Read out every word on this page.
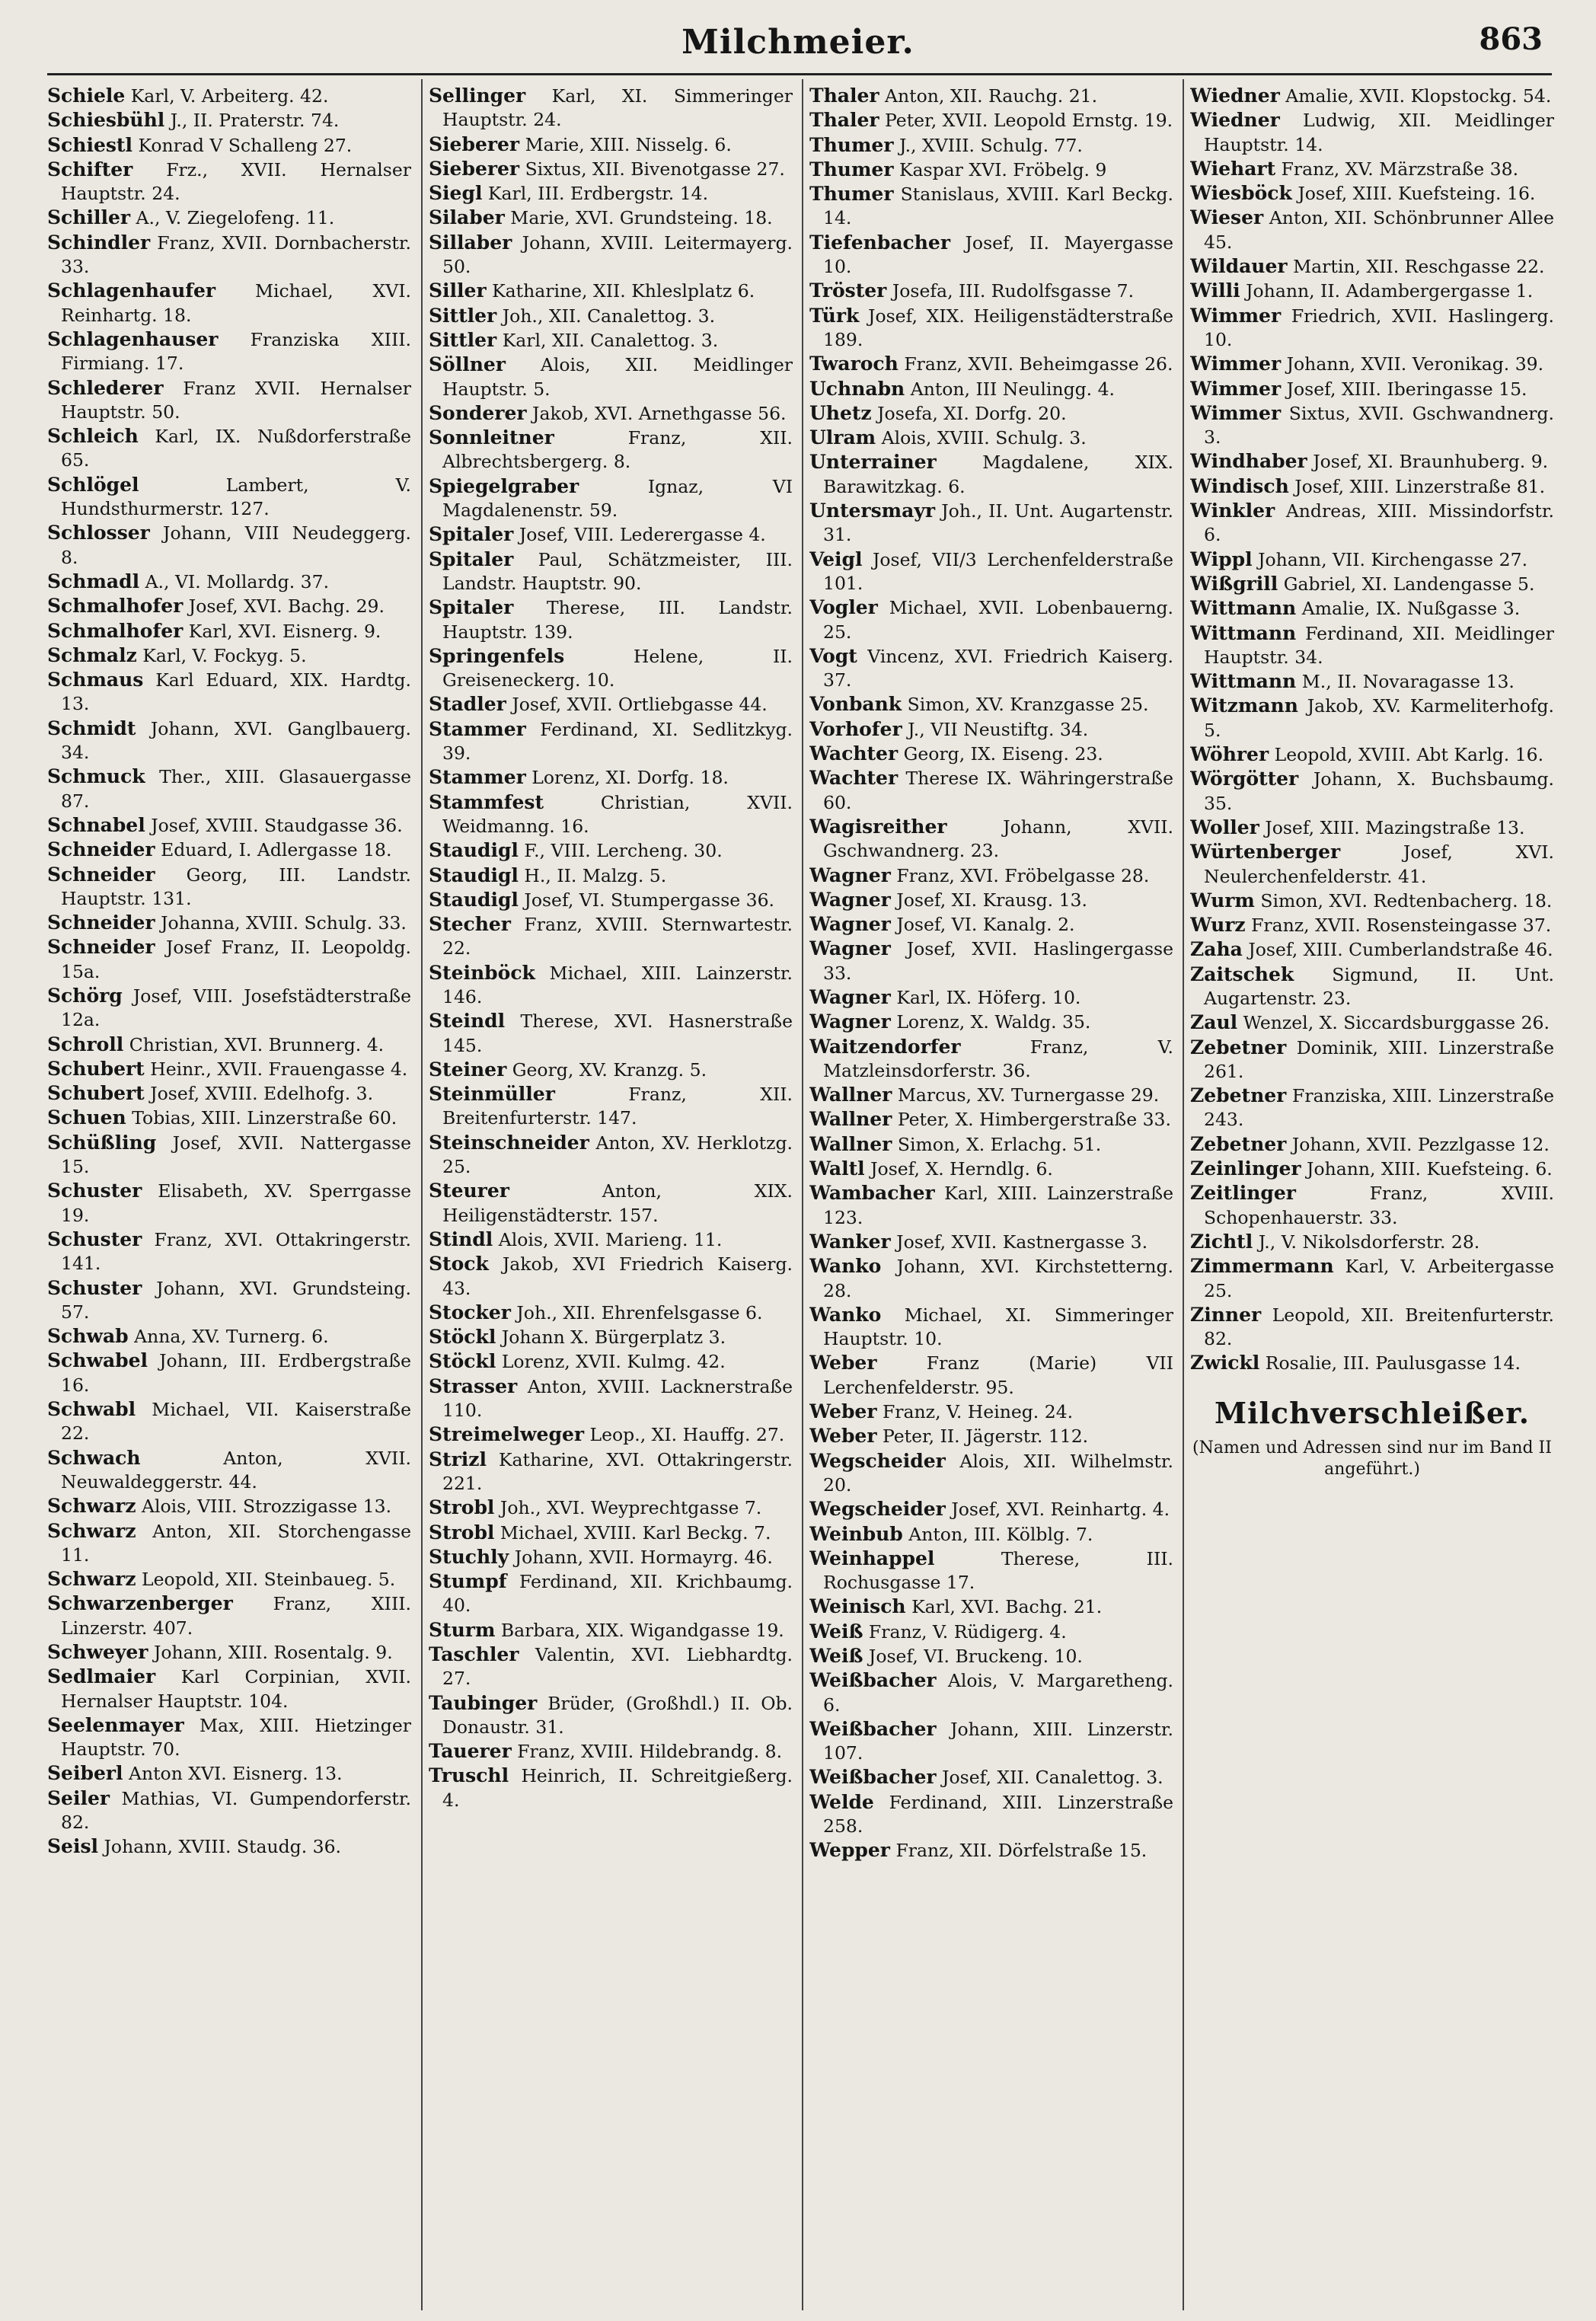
Milchmeier.	863
Schiele Karl, V. Arbeiterg. 42.
Schiesbühl J., II. Praterstr. 74.
Schiestl Konrad V Schalleng 27.
Schifter Frz., XVII. Hernalser Hauptstr. 24.
Schiller A., V. Ziegelofeng. 11.
Schindler Franz, XVII. Dornbacherstr. 33.
Schlagenhaufer Michael, XVI. Reinhartg. 18.
Schlagenhauser Franziska XIII. Firmiang. 17.
Schlederer Franz XVII. Hernalser Hauptstr. 50.
Schleich Karl, IX. Nußdorferstraße 65.
Schlögel	Lambert, V. Hundsthurmerstr. 127.
Schlosser Johann, VIII Neudeggerg. 8.
Schmadl A., VI. Mollardg. 37.
Schmalhofer Josef, XVI. Bachg. 29.
Schmalhofer Karl, XVI. Eisnerg. 9.
Schmalz Karl, V. Fockyg. 5.
Schmaus Karl Eduard, XIX. Hardtg. 13.
Schmidt Johann, XVI. Ganglbauerg. 34.
Schmuck Ther., XIII. Glasauergasse 87.
Schnabel Josef, XVIII. Staudgasse 36.
Schneider Eduard, I. Adlergasse 18.
Schneider Georg, III. Landstr. Hauptstr. 131.
Schneider Johanna, XVIII. Schulg. 33.
Schneider Josef Franz, II. Leopoldg. 15a.
Schörg Josef, VIII. Josefstädterstraße 12a.
Schroll Christian, XVI. Brunnerg. 4.
Schubert Heinr., XVII. Frauengasse 4.
Schubert Josef, XVIII. Edelhofg. 3.
Schuen Tobias, XIII. Linzerstraße 60.
Schüßling Josef, XVII. Nattergasse 15.
Schuster Elisabeth, XV. Sperrgasse 19.
Schuster Franz, XVI. Ottakringerstr. 141.
Schuster Johann, XVI. Grundsteing. 57.
Schwab Anna, XV. Turnerg. 6.
Schwabel Johann, III. Erdbergstraße 16.
Schwabl Michael, VII. Kaiserstraße 22.
Schwach	Anton, XVII. Neuwaldeggerstr. 44.
Schwarz Alois, VIII. Strozzigasse 13.
Schwarz Anton, XII. Storchengasse 11.
Schwarz Leopold, XII. Steinbaueg. 5.
Schwarzenberger Franz, XIII. Linzerstr. 407.
Schweyer Johann, XIII. Rosentalg. 9.
Sedlmaier Karl Corpinian, XVII. Hernalser Hauptstr. 104.
Seelenmayer Max, XIII. Hietzinger Hauptstr. 70.
Seiberl Anton XVI. Eisnerg. 13.
Seiler Mathias, VI. Gumpendorferstr. 82.
Seisl Johann, XVIII. Staudg. 36.
Sellinger Karl, XI. Simmeringer Hauptstr. 24.
Sieberer Marie, XIII. Nisselg. 6.
Sieberer Sixtus, XII. Bivenotgasse 27.
Siegl Karl, III. Erdbergstr. 14.
Silaber Marie, XVI. Grundsteing. 18.
Sillaber Johann, XVIII. Leitermayerg. 50.
Siller Katharine, XII. Khleslplatz 6.
Sittler Joh., XII. Canalettog. 3.
Sittler Karl, XII. Canalettog. 3.
Söllner Alois, XII. Meidlinger Hauptstr. 5.
Sonderer Jakob, XVI. Arnethgasse 56.
Sonnleitner	Franz, XII. Albrechtsbergerg. 8.
Spiegelgraber	Ignaz, VI Magdalenenstr. 59.
Spitaler Josef, VIII. Lederergasse 4.
Spitaler Paul, Schätzmeister, III. Landstr. Hauptstr. 90.
Spitaler Therese, III. Landstr. Hauptstr. 139.
Springenfels	Helene, II. Greiseneckerg. 10.
Stadler Josef, XVII. Ortliebgasse 44.
Stammer Ferdinand, XI. Sedlitzkyg. 39.
Stammer Lorenz, XI. Dorfg. 18.
Stammfest	Christian, XVII. Weidmanng. 16.
Staudigl F., VIII. Lercheng. 30.
Staudigl H., II. Malzg. 5.
Staudigl Josef, VI. Stumpergasse 36.
Stecher Franz, XVIII. Sternwartestr. 22.
Steinböck Michael, XIII. Lainzerstr. 146.
Steindl Therese, XVI. Hasnerstraße 145.
Steiner Georg, XV. Kranzg. 5.
Steinmüller	Franz, XII. Breitenfurterstr. 147.
Steinschneider Anton, XV. Herklotzg. 25.
Steurer	Anton, XIX. Heiligenstädterstr. 157.
Stindl Alois, XVII. Marieng. 11.
Stock Jakob, XVI Friedrich Kaiserg. 43.
Stocker Joh., XII. Ehrenfelsgasse 6.
Stöckl Johann X. Bürgerplatz 3.
Stöckl Lorenz, XVII. Kulmg. 42.
Strasser Anton, XVIII. Lacknerstraße 110.
Streimelweger Leop., XI. Hauffg. 27.
Strizl Katharine, XVI. Ottakringerstr. 221.
Strobl Joh., XVI. Weyprechtgasse 7.
Strobl Michael, XVIII. Karl Beckg. 7.
Stuchly Johann, XVII. Hormayrg. 46.
Stumpf Ferdinand, XII. Krichbaumg. 40.
Sturm Barbara, XIX. Wigandgasse 19.
Taschler Valentin, XVI. Liebhardtg. 27.
Taubinger Brüder, (Großhdl.) II. Ob. Donaustr. 31.
Tauerer Franz, XVIII. Hildebrandg. 8.
Truschl Heinrich, II. Schreitgießerg. 4.
Thaler Anton, XII. Rauchg. 21.
Thaler Peter, XVII. Leopold Ernstg. 19.
Thumer J., XVIII. Schulg. 77.
Thumer Kaspar XVI. Fröbelg. 9
Thumer Stanislaus, XVIII. Karl Beckg. 14.
Tiefenbacher Josef, II. Mayergasse 10.
Tröster Josefa, III. Rudolfsgasse 7.
Türk Josef, XIX. Heiligenstädterstraße 189.
Twaroch Franz, XVII. Beheimgasse 26.
Uchnabn Anton, III Neulingg. 4.
Uhetz Josefa, XI. Dorfg. 20.
Ulram Alois, XVIII. Schulg. 3.
Unterrainer	Magdalene, XIX. Barawitzkag. 6.
Untersmayr Joh., II. Unt. Augartenstr. 31.
Veigl Josef, VII/3 Lerchenfelderstraße 101.
Vogler Michael, XVII. Lobenbauerng. 25.
Vogt Vincenz, XVI. Friedrich Kaiserg. 37.
Vonbank Simon, XV. Kranzgasse 25.
Vorhofer J., VII Neustiftg. 34.
Wachter Georg, IX. Eiseng. 23.
Wachter Therese IX. Währingerstraße 60.
Wagisreither	Johann, XVII. Gschwandnerg. 23.
Wagner Franz, XVI. Fröbelgasse 28.
Wagner Josef, XI. Krausg. 13.
Wagner Josef, VI. Kanalg. 2.
Wagner Josef, XVII. Haslingergasse 33.
Wagner Karl, IX. Höferg. 10.
Wagner Lorenz, X. Waldg. 35.
Waitzendorfer	Franz, V. Matzleinsdorferstr. 36.
Wallner Marcus, XV. Turnergasse 29.
Wallner Peter, X. Himbergerstraße 33.
Wallner Simon, X. Erlachg. 51.
Waltl Josef, X. Herndlg. 6.
Wambacher Karl, XIII. Lainzerstraße 123.
Wanker Josef, XVII. Kastnergasse 3.
Wanko Johann, XVI. Kirchstetterng. 28.
Wanko Michael, XI. Simmeringer Hauptstr. 10.
Weber	Franz (Marie) VII Lerchenfelderstr. 95.
Weber Franz, V. Heineg. 24.
Weber Peter, II. Jägerstr. 112.
Wegscheider Alois, XII. Wilhelmstr. 20.
Wegscheider Josef, XVI. Reinhartg. 4.
Weinbub Anton, III. Kölblg. 7.
Weinhappel	Therese, III. Rochusgasse 17.
Weinisch Karl, XVI. Bachg. 21.
Weiß Franz, V. Rüdigerg. 4.
Weiß Josef, VI. Bruckeng. 10.
Weißbacher Alois, V. Margaretheng. 6.
Weißbacher Johann, XIII. Linzerstr. 107.
Weißbacher Josef, XII. Canalettog. 3.
Welde Ferdinand, XIII. Linzerstraße 258.
Wepper Franz, XII. Dörfelstraße 15.
Wiedner Amalie, XVII. Klopstockg. 54.
Wiedner Ludwig, XII. Meidlinger Hauptstr. 14.
Wiehart Franz, XV. Märzstraße 38.
Wiesböck Josef, XIII. Kuefsteing. 16.
Wieser Anton, XII. Schönbrunner Allee 45.
Wildauer Martin, XII. Reschgasse 22.
Willi Johann, II. Adambergergasse 1.
Wimmer Friedrich, XVII. Haslingerg. 10.
Wimmer Johann, XVII. Veronikag. 39.
Wimmer Josef, XIII. Iberingasse 15.
Wimmer Sixtus, XVII. Gschwandnerg. 3.
Windhaber Josef, XI. Braunhuberg. 9.
Windisch Josef, XIII. Linzerstraße 81.
Winkler Andreas, XIII. Missindorfstr. 6.
Wippl Johann, VII. Kirchengasse 27.
Wißgrill Gabriel, XI. Landengasse 5.
Wittmann Amalie, IX. Nußgasse 3.
Wittmann Ferdinand, XII. Meidlinger Hauptstr. 34.
Wittmann M., II. Novaragasse 13.
Witzmann Jakob, XV. Karmeliterhofg. 5.
Wöhrer Leopold, XVIII. Abt Karlg. 16.
Wörgötter Johann, X. Buchsbaumg. 35.
Woller Josef, XIII. Mazingstraße 13.
Würtenberger	Josef, XVI. Neulerchenfelderstr. 41.
Wurm Simon, XVI. Redtenbacherg. 18.
Wurz Franz, XVII. Rosensteingasse 37.
Zaha Josef, XIII. Cumberlandstraße 46.
Zaitschek Sigmund, II. Unt. Augartenstr. 23.
Zaul Wenzel, X. Siccardsburggasse 26.
Zebetner Dominik, XIII. Linzerstraße 261.
Zebetner Franziska, XIII. Linzerstraße 243.
Zebetner Johann, XVII. Pezzlgasse 12.
Zeinlinger Johann, XIII. Kuefsteing. 6.
Zeitlinger	Franz, XVIII. Schopenhauerstr. 33.
Zichtl J., V. Nikolsdorferstr. 28.
Zimmermann Karl, V. Arbeitergasse 25.
Zinner Leopold, XII. Breitenfurterstr. 82.
Zwickl Rosalie, III. Paulusgasse 14.
Milchverschleißer.
(Namen und Adressen sind nur im Band II angeführt.)
